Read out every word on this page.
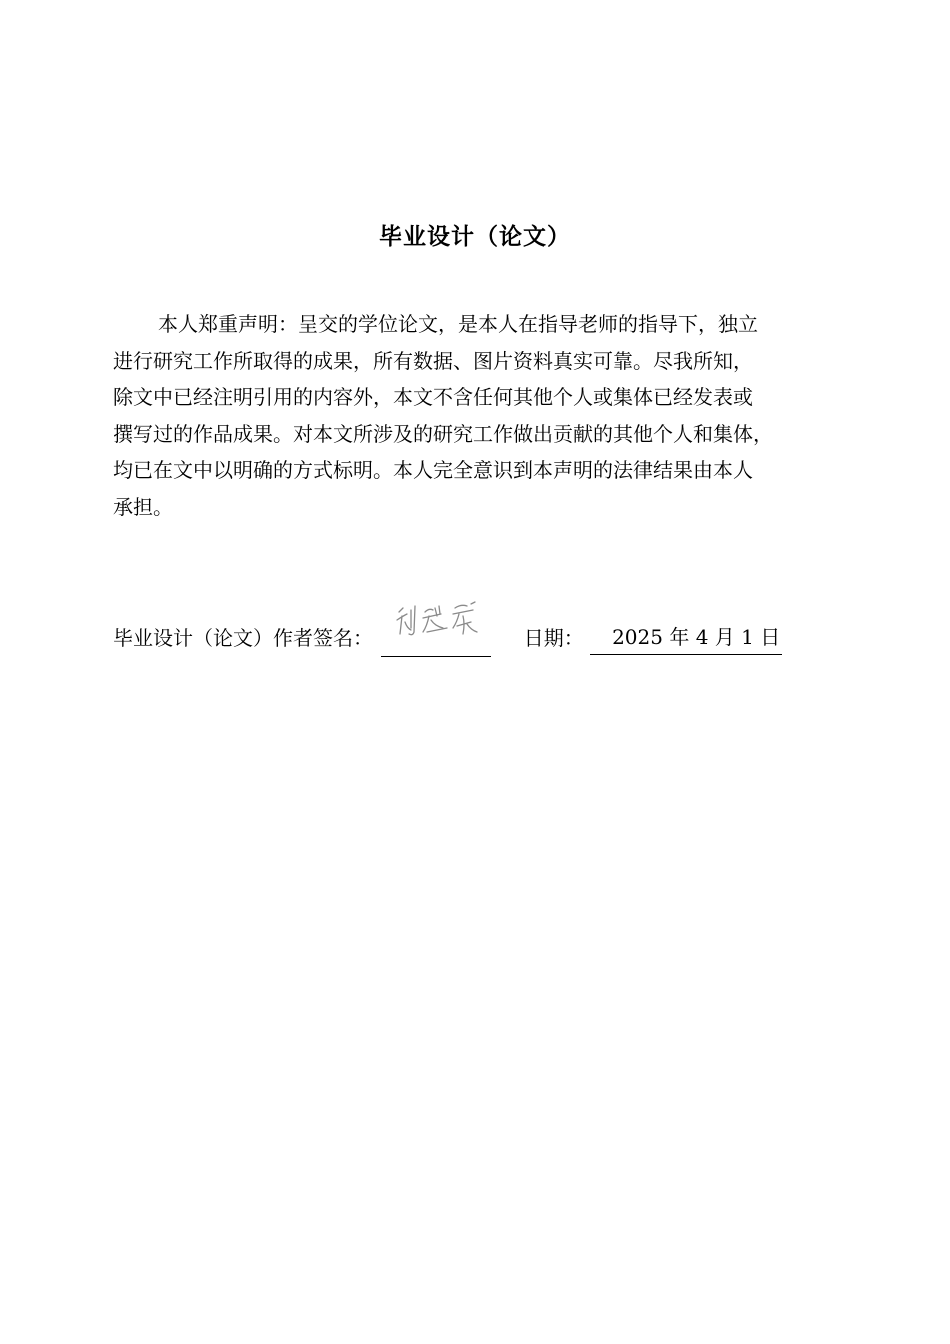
毕业设计（论文）
本人郑重声明：呈交的学位论文，是本人在指导老师的指导下，独立
进行研究工作所取得的成果，所有数据、图片资料真实可靠。尽我所知，
除文中已经注明引用的内容外，本文不含任何其他个人或集体已经发表或
撰写过的作品成果。对本文所涉及的研究工作做出贡献的其他个人和集体，
均已在文中以明确的方式标明。本人完全意识到本声明的法律结果由本人
承担。
毕业设计（论文）作者签名：	日期： 2025 年 4 月 1 日
